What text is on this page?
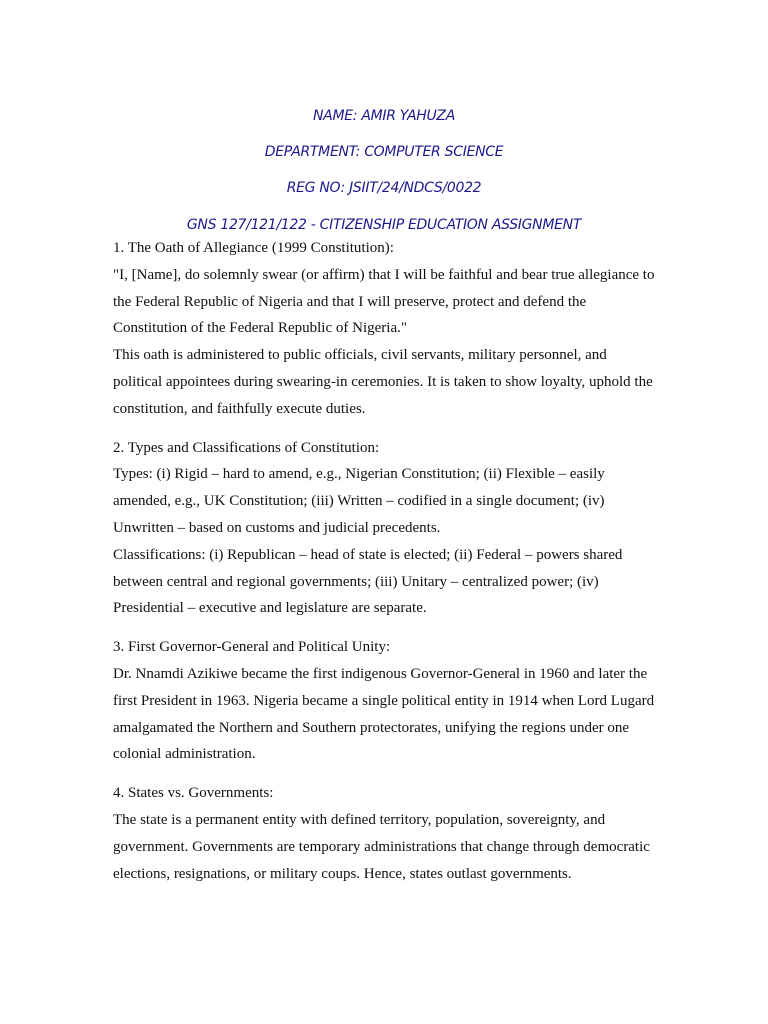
NAME: AMIR YAHUZA
DEPARTMENT: COMPUTER SCIENCE
REG NO: JSIIT/24/NDCS/0022
GNS 127/121/122 - CITIZENSHIP EDUCATION ASSIGNMENT

1. The Oath of Allegiance (1999 Constitution):

"I, [Name], do solemnly swear (or affirm) that I will be faithful and bear true allegiance to the Federal Republic of Nigeria and that I will preserve, protect and defend the Constitution of the Federal Republic of Nigeria."

This oath is administered to public officials, civil servants, military personnel, and political appointees during swearing-in ceremonies. It is taken to show loyalty, uphold the constitution, and faithfully execute duties.

2. Types and Classifications of Constitution:

Types: (i) Rigid – hard to amend, e.g., Nigerian Constitution; (ii) Flexible – easily amended, e.g., UK Constitution; (iii) Written – codified in a single document; (iv) Unwritten – based on customs and judicial precedents.

Classifications: (i) Republican – head of state is elected; (ii) Federal – powers shared between central and regional governments; (iii) Unitary – centralized power; (iv) Presidential – executive and legislature are separate.

3. First Governor-General and Political Unity:

Dr. Nnamdi Azikiwe became the first indigenous Governor-General in 1960 and later the first President in 1963. Nigeria became a single political entity in 1914 when Lord Lugard amalgamated the Northern and Southern protectorates, unifying the regions under one colonial administration.

4. States vs. Governments:

The state is a permanent entity with defined territory, population, sovereignty, and government. Governments are temporary administrations that change through democratic elections, resignations, or military coups. Hence, states outlast governments.
